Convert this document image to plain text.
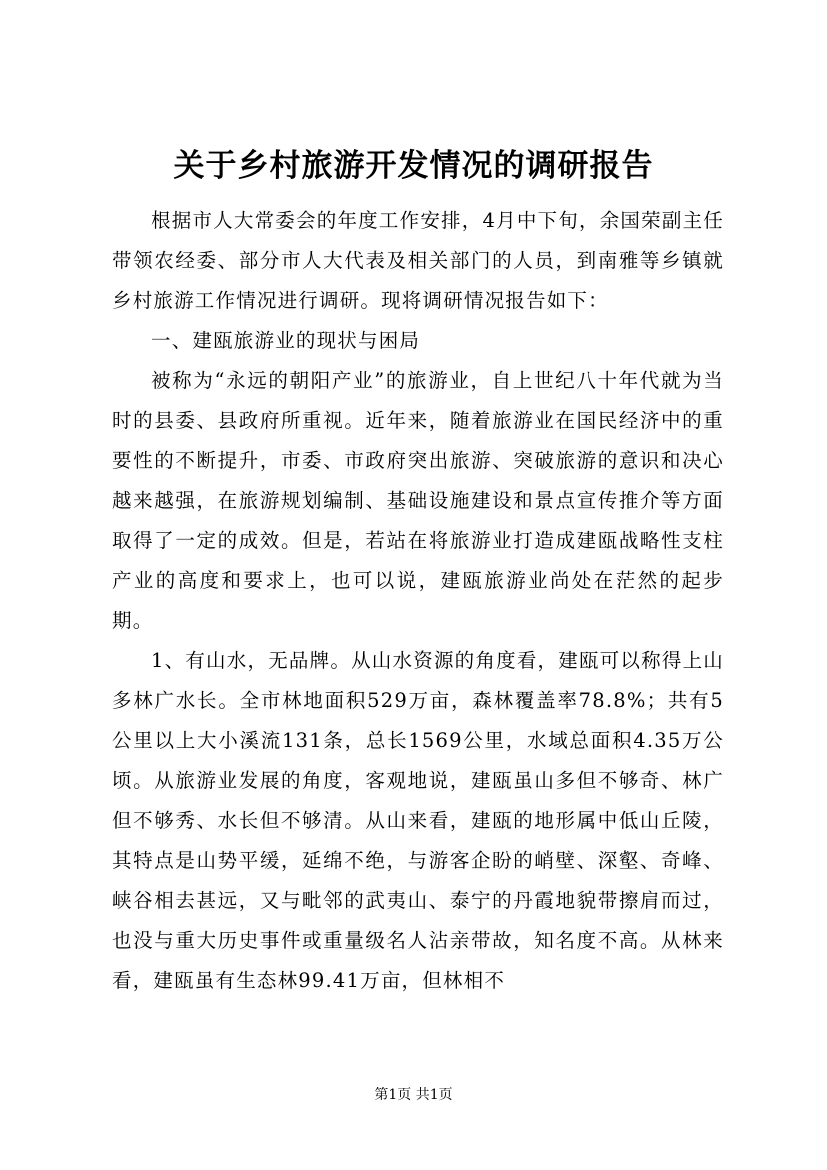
关于乡村旅游开发情况的调研报告

根据市人大常委会的年度工作安排，4月中下旬，余国荣副主任带领农经委、部分市人大代表及相关部门的人员，到南雅等乡镇就乡村旅游工作情况进行调研。现将调研情况报告如下：

一、建瓯旅游业的现状与困局

被称为“永远的朝阳产业”的旅游业，自上世纪八十年代就为当时的县委、县政府所重视。近年来，随着旅游业在国民经济中的重要性的不断提升，市委、市政府突出旅游、突破旅游的意识和决心越来越强，在旅游规划编制、基础设施建设和景点宣传推介等方面取得了一定的成效。但是，若站在将旅游业打造成建瓯战略性支柱产业的高度和要求上，也可以说，建瓯旅游业尚处在茫然的起步期。

1、有山水，无品牌。从山水资源的角度看，建瓯可以称得上山多林广水长。全市林地面积529万亩，森林覆盖率78.8%；共有5公里以上大小溪流131条，总长1569公里，水域总面积4.35万公顷。从旅游业发展的角度，客观地说，建瓯虽山多但不够奇、林广但不够秀、水长但不够清。从山来看，建瓯的地形属中低山丘陵，其特点是山势平缓，延绵不绝，与游客企盼的峭壁、深壑、奇峰、峡谷相去甚远，又与毗邻的武夷山、泰宁的丹霞地貌带擦肩而过，也没与重大历史事件或重量级名人沾亲带故，知名度不高。从林来看，建瓯虽有生态林99.41万亩，但林相不

第1页 共1页
